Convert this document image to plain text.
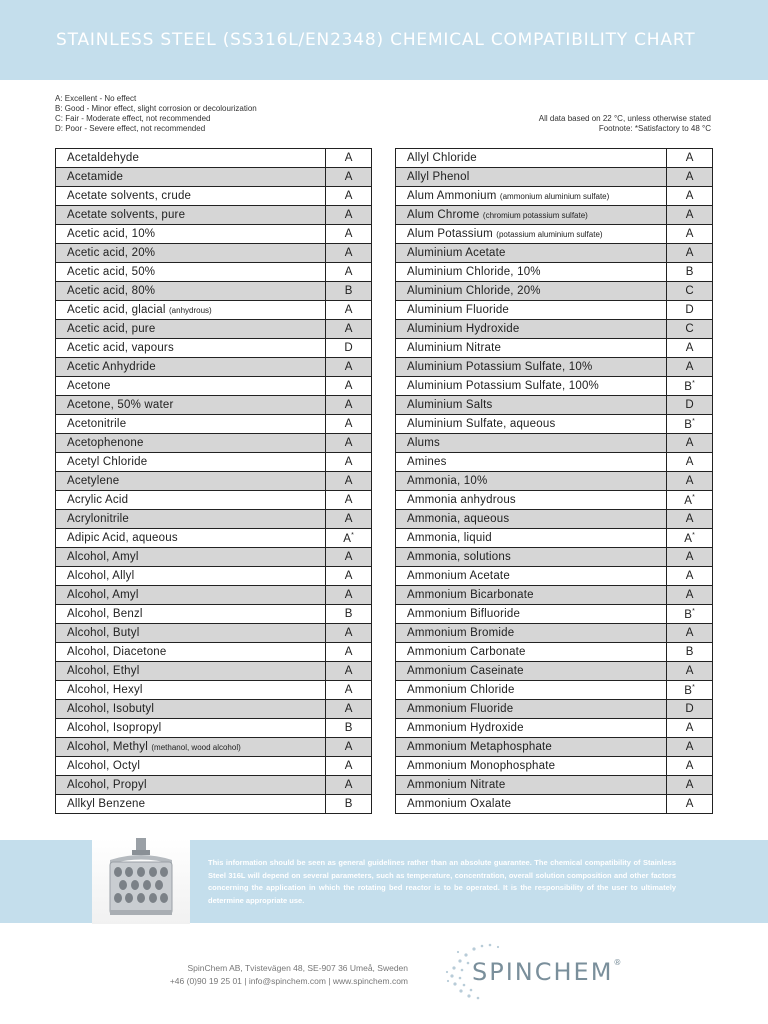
STAINLESS STEEL (SS316L/EN2348) CHEMICAL COMPATIBILITY CHART
A: Excellent - No effect
B: Good - Minor effect, slight corrosion or decolourization
C: Fair - Moderate effect, not recommended
D: Poor - Severe effect, not recommended
All data based on 22 °C, unless otherwise stated
Footnote: *Satisfactory to 48 °C
Acetaldehyde	A
Acetamide	A
Acetate solvents, crude	A
Acetate solvents, pure	A
Acetic acid, 10%	A
Acetic acid, 20%	A
Acetic acid, 50%	A
Acetic acid, 80%	B
Acetic acid, glacial (anhydrous)	A
Acetic acid, pure	A
Acetic acid, vapours	D
Acetic Anhydride	A
Acetone	A
Acetone, 50% water	A
Acetonitrile	A
Acetophenone	A
Acetyl Chloride	A
Acetylene	A
Acrylic Acid	A
Acrylonitrile	A
Adipic Acid, aqueous	A*
Alcohol, Amyl	A
Alcohol, Allyl	A
Alcohol, Amyl	A
Alcohol, Benzl	B
Alcohol, Butyl	A
Alcohol, Diacetone	A
Alcohol, Ethyl	A
Alcohol, Hexyl	A
Alcohol, Isobutyl	A
Alcohol, Isopropyl	B
Alcohol, Methyl (methanol, wood alcohol)	A
Alcohol, Octyl	A
Alcohol, Propyl	A
Allkyl Benzene	B
Allyl Chloride	A
Allyl Phenol	A
Alum Ammonium (ammonium aluminium sulfate)	A
Alum Chrome (chromium potassium sulfate)	A
Alum Potassium (potassium aluminium sulfate)	A
Aluminium Acetate	A
Aluminium Chloride, 10%	B
Aluminium Chloride, 20%	C
Aluminium Fluoride	D
Aluminium Hydroxide	C
Aluminium Nitrate	A
Aluminium Potassium Sulfate, 10%	A
Aluminium Potassium Sulfate, 100%	B*
Aluminium Salts	D
Aluminium Sulfate, aqueous	B*
Alums	A
Amines	A
Ammonia, 10%	A
Ammonia anhydrous	A*
Ammonia, aqueous	A
Ammonia, liquid	A*
Ammonia, solutions	A
Ammonium Acetate	A
Ammonium Bicarbonate	A
Ammonium Bifluoride	B*
Ammonium Bromide	A
Ammonium Carbonate	B
Ammonium Caseinate	A
Ammonium Chloride	B*
Ammonium Fluoride	D
Ammonium Hydroxide	A
Ammonium Metaphosphate	A
Ammonium Monophosphate	A
Ammonium Nitrate	A
Ammonium Oxalate	A
This information should be seen as general guidelines rather than an absolute guarantee. The chemical compatibility of Stainless Steel 316L will depend on several parameters, such as temperature, concentration, overall solution composition and other factors concerning the application in which the rotating bed reactor is to be operated. It is the responsibility of the user to ultimately determine appropriate use.
SpinChem AB, Tvistevägen 48, SE-907 36 Umeå, Sweden
+46 (0)90 19 25 01 | info@spinchem.com | www.spinchem.com	SPINCHEM®
